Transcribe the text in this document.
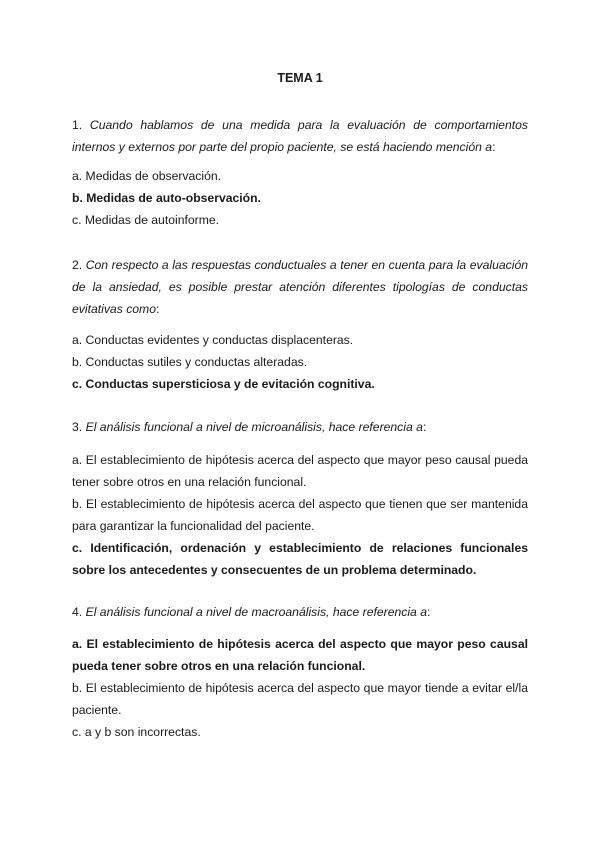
TEMA 1
1. Cuando hablamos de una medida para la evaluación de comportamientos internos y externos por parte del propio paciente, se está haciendo mención a:
a. Medidas de observación.
b. Medidas de auto-observación.
c. Medidas de autoinforme.
2. Con respecto a las respuestas conductuales a tener en cuenta para la evaluación de la ansiedad, es posible prestar atención diferentes tipologías de conductas evitativas como:
a. Conductas evidentes y conductas displacenteras.
b. Conductas sutiles y conductas alteradas.
c. Conductas supersticiosa y de evitación cognitiva.
3. El análisis funcional a nivel de microanálisis, hace referencia a:
a. El establecimiento de hipótesis acerca del aspecto que mayor peso causal pueda tener sobre otros en una relación funcional.
b. El establecimiento de hipótesis acerca del aspecto que tienen que ser mantenida para garantizar la funcionalidad del paciente.
c. Identificación, ordenación y establecimiento de relaciones funcionales sobre los antecedentes y consecuentes de un problema determinado.
4. El análisis funcional a nivel de macroanálisis, hace referencia a:
a. El establecimiento de hipótesis acerca del aspecto que mayor peso causal pueda tener sobre otros en una relación funcional.
b. El establecimiento de hipótesis acerca del aspecto que mayor tiende a evitar el/la paciente.
c. a y b son incorrectas.
